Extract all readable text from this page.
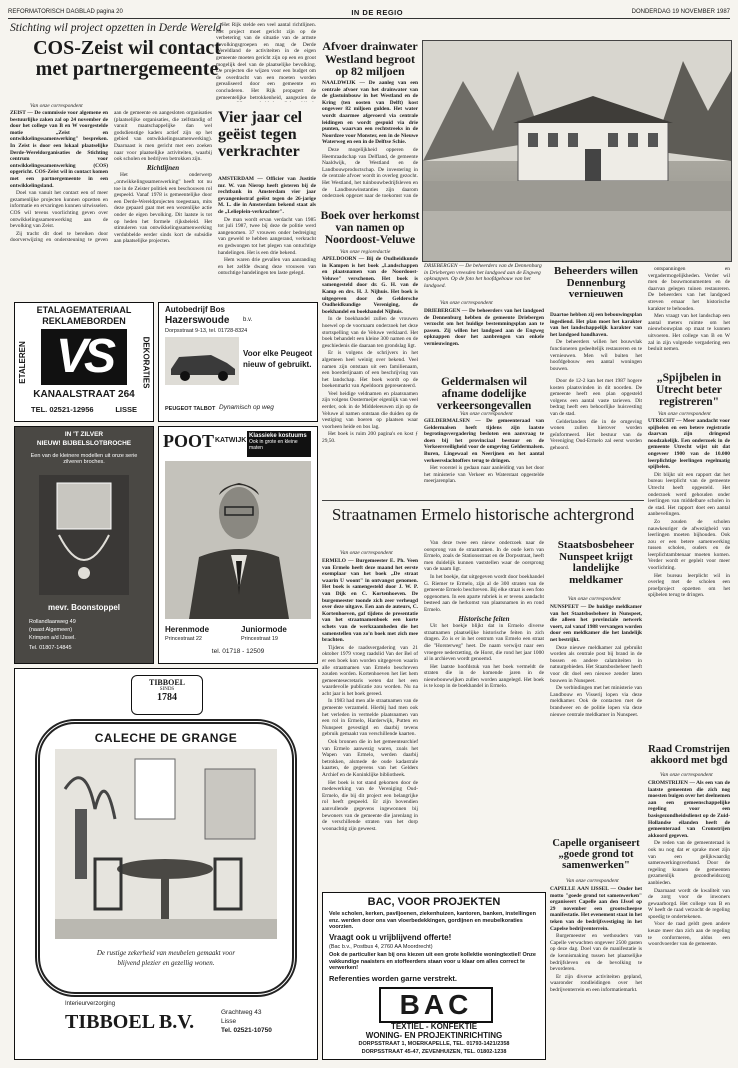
REFORMATORISCH DAGBLAD pagina 20	IN DE REGIO	DONDERDAG 19 NOVEMBER 1987
Stichting wil project opzetten in Derde Wereld
COS-Zeist wil contact met partnergemeente
Van onze correspondent

ZEIST — De commissie voor algemene en bestuurlijke zaken zal op 24 november de door het college van B en W voorgestelde motie „Zeist en ontwikkelingssamenwerking" bespreken. In Zeist is door een lokaal plaatselijke Derde-Wereldorganisaties de Stichting centrum voor ontwikkelingssamenwerking (COS) opgericht. COS-Zeist wil in contact komen met een partnergemeente in een ontwikkelingsland.

Doel van vanuit het contact een of meer gezamenlijke projecten kunnen opzetten en informatie en ervaringen kunnen uitwisselen. COS wil tevens voorlichting geven over ontwikkelingssamenwerking aan de bevolking van Zeist.

Zij tracht dit doel te bereiken door doorverwijzing en ondersteuning te geven aan de gemeente en aangesloten organisaties (plaatselijke organisaties, die zelfstandig of vanuit maatschappelijke dan wel godsdienstige kaders actief zijn op het gebied van ontwikkelingssamenwerking). Daarnaast is men gericht met een zoeken naar voor plaatselijke activiteiten, waarbij ook scholen en bedrijven betrokken zijn.

Richtlijnen

Het onderwerp „ontwikkelingssamenwerking" heeft tot nu toe in de Zeister politiek een beschouwen rol gespeeld. Vanaf 1978 is gemeentelijke door een Derde-Wereldprojecten toegestaan, mits deze gepaard gaat met een wezenlijke actie onder de eigen bevolking. Dit laatste is tot op heden het formele rijksbeleid. Het stimuleren van ontwikkelingssamenwerking verdubbelde eerder sinds kort de subsidie aan plaatselijke projecten.

Het Rijk stelde een veel aantal richtlijnen. Het project moet gericht zijn op de verbetering van de situatie van de armste bevolkingsgroepen en mag de Derde Wereldland de activiteiten in de eigen gemeente moeten gericht zijn op een en groot mogelijk deel van de plaatselijke bevolking. De projecten die wijzen voor een budget om de overdracht van een moeten worden gerealiseerd door een gemeente en concluderen. Het Rijk propagert de gemeentelijke betrokkenheid, aangezien de

Vier jaar cel geëist tegen verkrachter

AMSTERDAM — Officier van Justitie mr. W. van Nierop heeft gisteren bij de rechtbank in Amsterdam vier jaar gevangenisstraf geëist tegen de 26-jarige M. L. die in Amsterdam bekend staat als de „Lelieplein-verkrachter".

De man wordt ervan verdacht van 1985 tot juli 1987, twee bij deze de politie werd aangenomen. 37 vrouwen onder bedreiging van geweld te hebben aangerand, verkracht en gedwongen tot het plegen van ontuchtige handelingen. Het is een drie bekend.

Hem waren drie gevallen van aanranding en het zelfde dwang deze vrouwen van ontuchtige handelingen ten laste gelegd.

Afvoer drainwater Westland begroot op 82 miljoen

NAALDWIJK — De aanleg van een centrale afvoer van het drainwater van de glastuinbouw in het Westland en de Kring (ten oosten van Delft) kost ongeveer 82 miljoen gulden. Het water wordt daarmee afgevoerd via centrale leidingen en wordt gespuid via drie punten, waarvan een rechtstreeks in de Noordzee voor Monster, een in de Nieuwe Waterweg en een in de Delftse Schie.

Deze mogelijkheid opperen de Heemraadschap van Delfland, de gemeente Naaldwijk, de Westland en de Landbouwproductschap. De investering in de centrale afvoer wordt in overleg gezocht. Het Westland, het tuinbouwbedrijfsleven en de Landbouwinstanties zijn daarom onderzoek opgezet naar de toekomst van de

Boek over herkomst van namen op Noordoost-Veluwe
Van onze regioredactie

APELDOORN — Bij de Oudheidkunde in Kampen is het boek „Landschappen en plaatsnamen van de Noordoost-Veluwe" verschenen. Het boek is samengesteld door dr. G. H. van de Kamp en drs. H. J. Nijhuis. Het boek is uitgegeven door de Geldersche Oudheidkundige Vereniging, de boekhandel en boekhandel Nijhuis.

In de boekhandel zullen de vrouwen hoewel op de voornaam onderzoek het deze stortspelling van de Veluwe verklaard. Het boek behandelt een kleine 300 namen en de geschiedenis die daaraan ten grondslag ligt.

Er is volgens de schrijvers in het algemeen heel weinig over bekend. Veel namen zijn ontstaan uit een familienaam, een boerderijnaam of een beschrijving van het landschap. Het boek wordt op de boekenmarkt van Apeldoorn gepresenteerd.

Veel heidige veldnamen en plaatsnamen zijn volgens Oostermeijer eigenlijk van veel eerder, ook in de Middeleeuwen zijn op de Veluwe al namen ontstaan die duiden op de vestiging van boeren op plaatsen waar voorheen heide en bos lag.

Het boek is ruim 200 pagina's en kost ƒ 29,50.

DRIEBERGEN — De beheerders van de Dennenburg in Driebergen vreesden het landgoed aan de Engweg opknappen. Op de foto het hoofdgebouw van het landgoed.
Van onze correspondent

DRIEBERGEN — De beheerders van het landgoed de Dennenburg hebben de gemeente Driebergen verzocht om het huidige bestemmingsplan aan te passen. Zij willen het landgoed aan de Engweg opknappen door het aanbrengen van enkele vernieuwingen.

Beheerders willen Dennenburg vernieuwen

Daartoe hebben zij een bebouwingsplan ingediend. Het plan moet het karakter van het landschappelijk karakter van het landgoed handhaven.

De beheerders willen het bouwvlak functioneren gedeeltelijk restaureren en te vernieuwen. Men wil buiten het hoofdgebouw een aantal woningen bouwen.

ontspanningen en vergadermogelijkheden. Verder wil men de bouwmonumenten en de daarvan gelegen tuinen restaureren. De beheerders van het landgoed streven ernaar het historische karakter te behouden.

Men vraagt van het landschap een aantal meters ruimte om het nieuwbouwplan op maat te kunnen uitvoeren. Het college van B en W zal in zijn volgende vergadering een besluit nemen.

Geldermalsen wil afname dodelijke verkeersongevallen
Van onze correspondent

GELDERMALSEN — De gemeenteraad van Geldermalsen heeft tijdens zijn laatste begrotingsvergadering besloten een aanvraag te doen bij het provinciaal bestuur en de Verkeersveiligheid voor de omgeving Geldermalsen. Buren, Lingewaal en Neerijnen en het aantal verkeersslachtoffers terug te dringen.

Het voorstel is gedaan naar aanleiding van het door het ministerie van Verkeer en Waterstaat opgestelde meerjarenplan.

Door de 12-2 kan het met 1987 hogere kosten plaatsvinden in dit noorden. De gemeente heeft een plan opgesteld volgens een aantal vaste tarieven. Dit bedrag heeft een behoorlijke huisvesting van de stad.

Gelderlanders die in de omgeving wonen zullen hierover worden geïnformeerd. Het bestuur van de Vereniging Oud-Ermelo zal eerst worden gehoord.

„Spijbelen in Utrecht beter registreren"
Van onze correspondent

UTRECHT — Meer aandacht voor spijbelen en een betere registratie daarvan zijn dringend noodzakelijk. Een onderzoek in de gemeente Utrecht wijst uit dat ongeveer 1900 van de 10.000 leerplichtige leerlingen regelmatig spijbelen.

Dit blijkt uit een rapport dat het bureau leerplicht van de gemeente Utrecht heeft opgesteld. Het onderzoek werd gehouden onder leerlingen van middelbare scholen in de stad. Het rapport doet een aantal aanbevelingen.

Zo zouden de scholen nauwkeuriger de afwezigheid van leerlingen moeten bijhouden. Ook zou er een betere samenwerking tussen scholen, ouders en de leerplichtambtenaar moeten komen. Verder wordt er gepleit voor meer voorlichting.

Het bureau leerplicht wil in overleg met de scholen een proefproject opzetten om het spijbelen terug te dringen.

Straatnamen Ermelo historische achtergrond
Van onze correspondent

ERMELO — Burgemeester E. Ph. Veen van Ermelo heeft deze maand het eerste exemplaar van het boek „De straat waarin U woont" in ontvangst genomen. Het boek is samengesteld door J. W. P. van Dijk en C. Kortenhoeven. De burgemeester toonde zich zeer verheugd over deze uitgave. Een aan de auteurs, C. Kortenhoeven, gaf tijdens de presentatie van het straatnamenboek een korte schets van de werkzaamheden die het samenstellen van zo'n boek met zich mee brachten.

Tijdens de raadsvergadering van 21 oktober 1979 vroeg raadslid Van der Bel of er een boek kon worden uitgegeven waarin alle straatnamen van Ermelo beschreven zouden worden. Kortenhoeven het liet hem gemeentesecretaris weten dat het een waardevolle publicatie zou worden. Nu na acht jaar is het boek gereed.

In 1983 had men alle straatnamen van de gemeente verzameld. Hierbij had men ook het verleden in vermelde plaatsnamen van een rol in Ermelo, Harderwijk, Putten en Nunspeet gevestigd en daarbij tevens gebruik gemaakt van verschillende kaarten.

Ook bronnen die in het gemeentearchief van Ermelo aanwezig waren, zoals het Wapen van Ermelo, werden daarbij betrokken, alsmede de oude kadastrale kaarten, de gegevens van het Gelders Archief en de Koninklijke bibliotheek.

Het boek is tot stand gekomen door de medewerking van de Vereniging Oud-Ermelo, die bij dit project een belangrijke rol heeft gespeeld. Er zijn bovendien aanvullende gegevens ingewonnen bij bewoners van de gemeente die jarenlang in de verschillende straten van het dorp woonachtig zijn geweest.

Van deze twee een nieuw onderzoek naar de oorsprong van de straatnamen. In de oude kern van Ermelo, zoals de Stationsstraat en de Dorpsstraat, heeft men duidelijk kunnen vaststellen waar de oorsprong van de naam ligt.

In het boekje, dat uitgegeven wordt door boekhandel G. Riemer te Ermelo, zijn al de 300 straten van de gemeente Ermelo beschreven. Bij elke straat is een foto opgenomen. In een aparte rubriek is er tevens aandacht besteed aan de herkomst van plaatsnamen in en rond Ermelo.

Historische feiten

Uit het boekje blijkt dat in Ermelo diverse straatnamen plaatselijke historische feiten in zich dragen. Zo is er in het centrum van Ermelo een straat die "Horsterweg" heet. De naam verwijst naar een vroegere nederzetting, de Horst, die rond het jaar 1000 al in archieven wordt genoemd.

Het laatste hoofdstuk van het boek vermeldt de straten die in de komende jaren in de nieuwbouwwijken zullen worden aangelegd. Het boek is te koop in de boekhandel in Ermelo.

Staatsbosbeheer Nunspeet krijgt landelijke meldkamer
Van onze correspondent

NUNSPEET — De huidige meldkamer van het Staatsbosbeheer in Nunspeet, die alleen het provinciale netwerk voert, zal vanaf 1988 vervangen worden door een meldkamer die het landelijk net bestrijkt.

Deze nieuwe meldkamer zal gebruikt worden als centrale post bij brand in de bossen en andere calamiteiten in natuurgebieden. Het Staatsbosbeheer heeft voor dit doel een nieuwe zender laten bouwen in Nunspeet.

De verbindingen met het ministerie van Landbouw en Visserij lopen via deze meldkamer. Ook de contacten met de brandweer en de politie lopen via deze nieuwe centrale meldkamer in Nunspeet.

Capelle organiseert „goede grond tot samenwerken"
Van onze correspondent

CAPELLE AAN IJSSEL — Onder het motto "goede grond tot samenwerken" organiseert Capelle aan den IJssel op 29 november een grootscheepse manifestatie. Het evenement staat in het teken van de bedrijfsvestiging in het Capelse bedrijventerrein.

Burgemeester en wethouders van Capelle verwachten ongeveer 2500 gasten op deze dag. Doel van de manifestatie is de kennismaking tussen het plaatselijke bedrijfsleven en de bevolking te bevorderen.

Er zijn diverse activiteiten gepland, waaronder rondleidingen over het bedrijventerrein en een informatiemarkt.

Raad Cromstrijen akkoord met bgd
Van onze correspondent

CROMSTRIJEN — Als een van de laatste gemeenten die zich nog moesten buigen over het deelnemen aan een gemeenschappelijke regeling voor een basisgezondheidsdienst op de Zuid-Hollandse eilanden heeft de gemeenteraad van Cromstrijen akkoord gegeven.

De reden van de gemeenteraad is ook nu nog dat er sprake moet zijn van een gelijkwaardig samenwerkingsverband. Door de regeling kunnen de gemeenten gezamenlijk gezondheidszorg aanbieden.

Daarnaast wordt de kwaliteit van de zorg voor de inwoners gewaarborgd. Het college van B en W heeft de raad verzocht de regeling spoedig te ondertekenen.

Voor de raad geldt geen andere keuze meer dan zich aan de regeling te conformeren, aldus een woordvoerder van de gemeente.

ETALEREN	DEKORATIES
ETALAGEMATERIAAL
REKLAMEBORDEN
VS
KANAALSTRAAT 264
TEL. 02521-12956	LISSE
Autobedrijf Bos
Hazerswoude b.v.
Dorpsstraat 9-13, tel. 01728-8324
Voor elke Peugeot
nieuw of gebruikt.
PEUGEOT TALBOT Dynamisch op weg
IN 'T ZILVER
NIEUW! BIJBELSLOTBROCHE
Een van de kleinere modellen uit onze serie zilveren broches.
mevr. Boonstoppel
Rollandlaanweg 49
(naast Algemeen)
Krimpen a/d IJssel.
Tel. 01807-14845
POOT KATWIJK
Klassieke kostuums
Ook in grote en kleine maten
Herenmode	Juniormode
Princestraat 22	Princestraat 19
tel. 01718 - 12509
TIBBOEL
SINDS
1784
CALECHE DE GRANGE
De rustige zekerheid van meubelen gemaakt voor
blijvend plezier en gezellig wonen.
Interieurverzorging
TIBBOEL B.V.	Grachtweg 43
Lisse
Tel. 02521-10750
BAC, VOOR PROJEKTEN
Vele scholen, kerken, paviljoenen, ziekenhuizen, kantoren, banken, instellingen enz. werden door ons van vloerbedekkingen, gordijnen en meubelkoraties voorzien.
Vraagt ook u vrijblijvend offerte!
(Bac b.v., Postbus 4, 2760 AA Moordrecht)
Ook de particulier kan bij ons kiezen uit een grote kollektie woningtextiel! Onze vakkundige naaisters en stoffeerders staan voor u klaar om alles correct te verwerken!
Referenties worden garne verstrekt.
BAC
TEXTIEL - KONFEKTIE
WONING- EN PROJEKTINRICHTING
DORPSSTRAAT 1, MOERKAPELLE, TEL. 01793-1421/2358
DORPSSTRAAT 45-47, ZEVENHUIZEN, TEL. 01802-1238
